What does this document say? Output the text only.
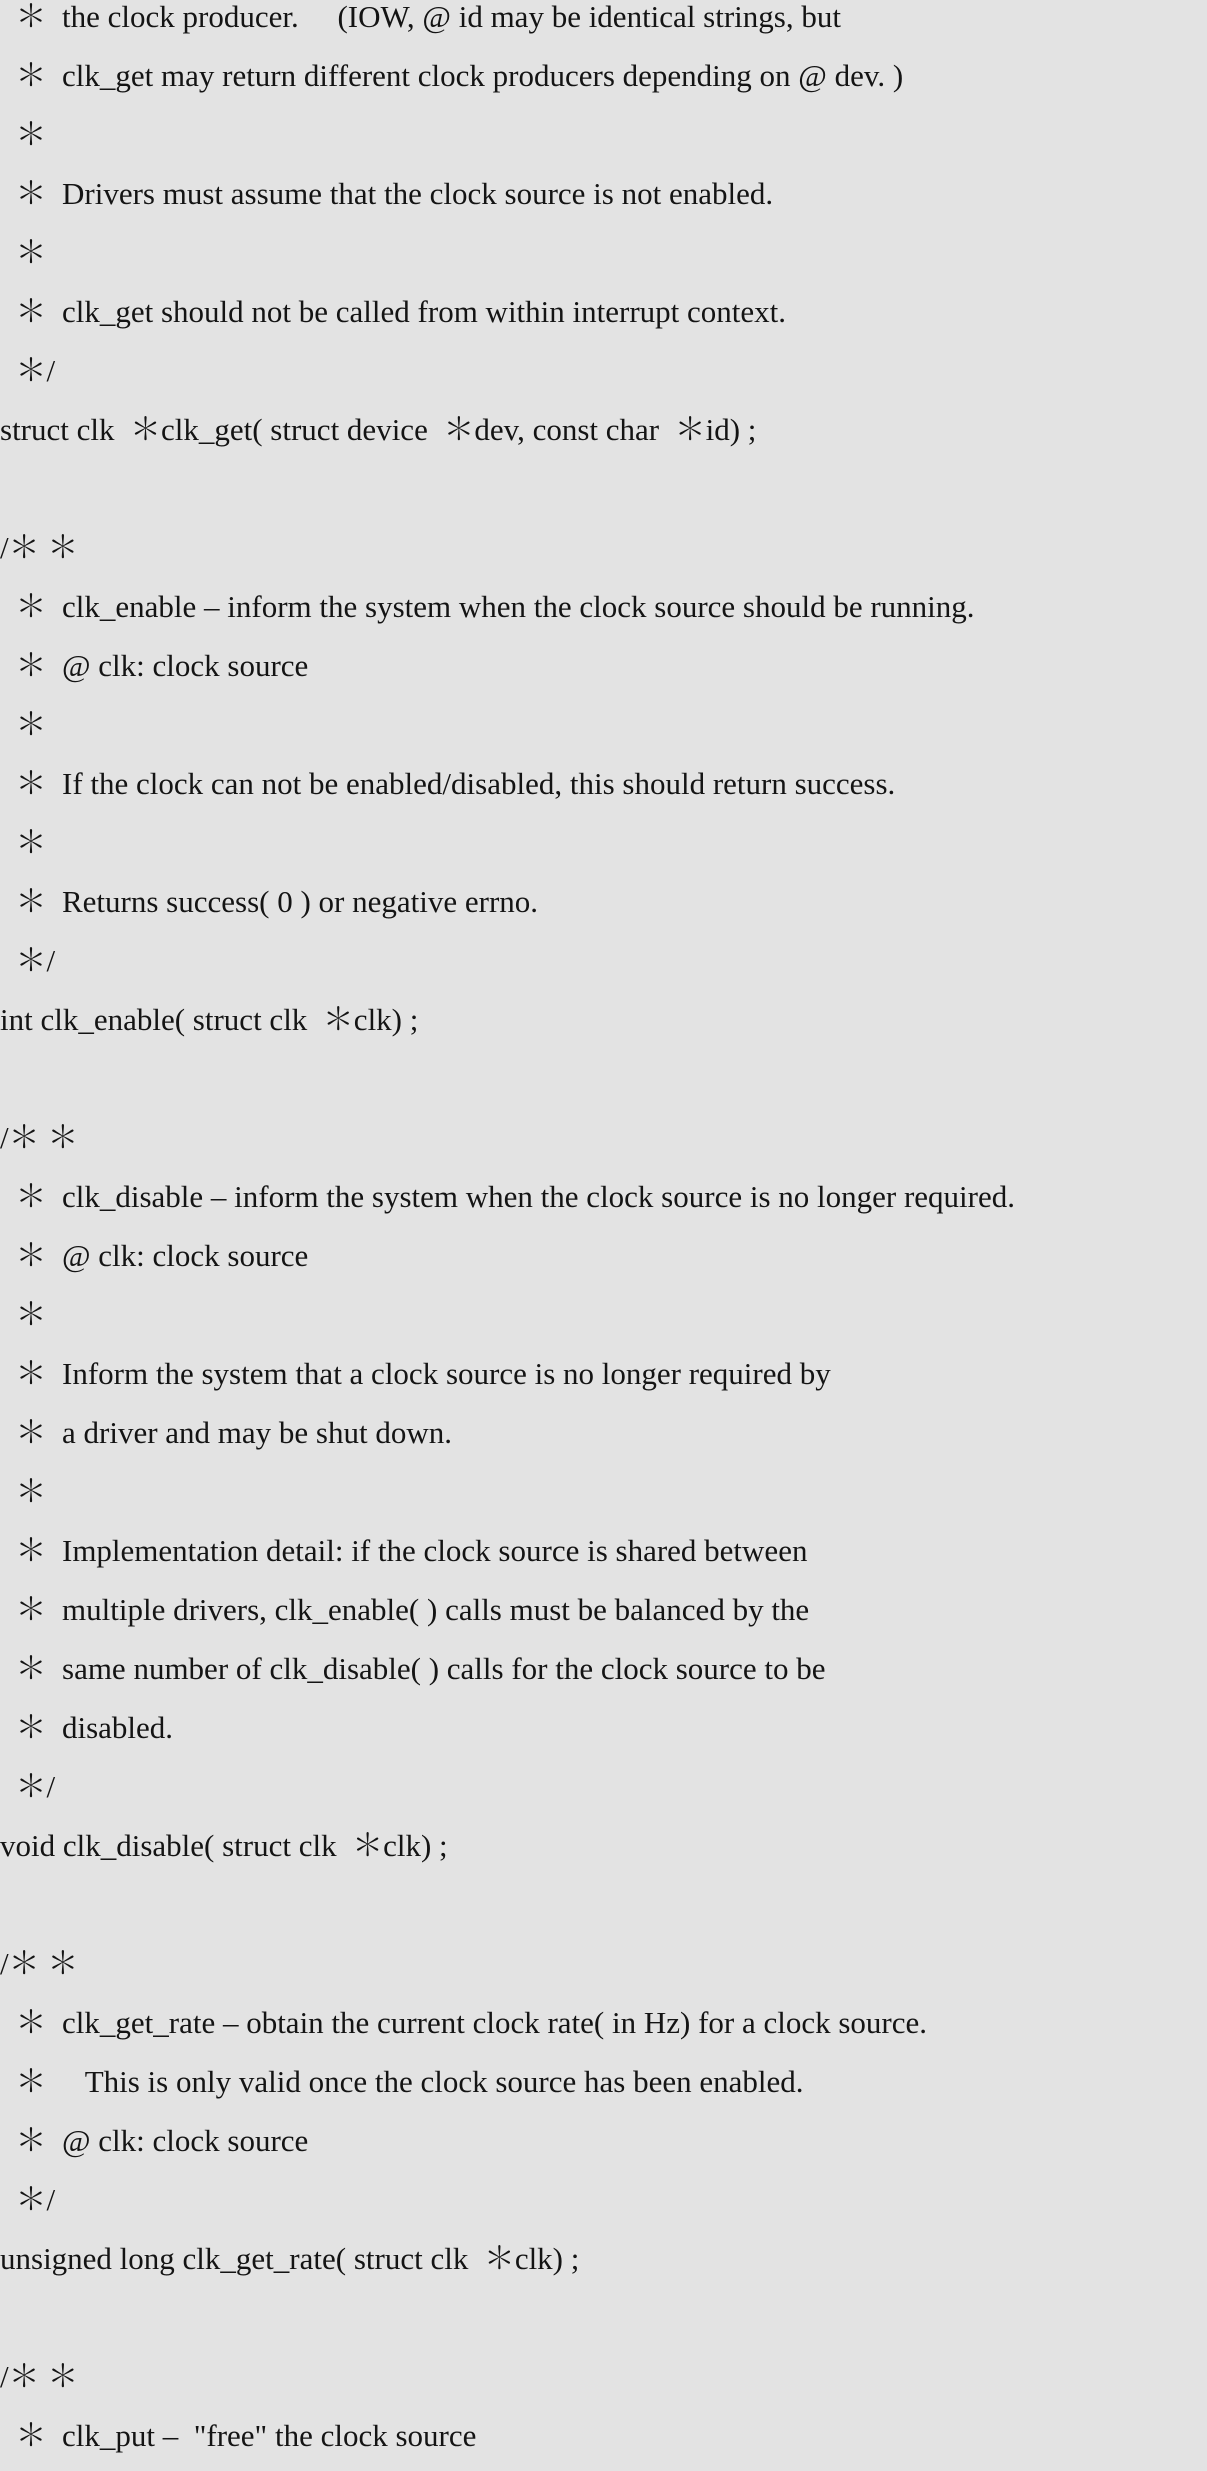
＊  the clock producer.     (IOW, @ id may be identical strings, but
＊  clk_get may return different clock producers depending on @ dev. )
＊
＊  Drivers must assume that the clock source is not enabled.
＊
＊  clk_get should not be called from within interrupt context.
＊/
struct clk  ＊clk_get( struct device  ＊dev, const char  ＊id) ;
/＊ ＊
＊  clk_enable – inform the system when the clock source should be running.
＊  @ clk: clock source
＊
＊  If the clock can not be enabled/disabled, this should return success.
＊
＊  Returns success( 0 ) or negative errno.
＊/
int clk_enable( struct clk  ＊clk) ;
/＊ ＊
＊  clk_disable – inform the system when the clock source is no longer required.
＊  @ clk: clock source
＊
＊  Inform the system that a clock source is no longer required by
＊  a driver and may be shut down.
＊
＊  Implementation detail: if the clock source is shared between
＊  multiple drivers, clk_enable( ) calls must be balanced by the
＊  same number of clk_disable( ) calls for the clock source to be
＊  disabled.
＊/
void clk_disable( struct clk  ＊clk) ;
/＊ ＊
＊  clk_get_rate – obtain the current clock rate( in Hz) for a clock source.
＊     This is only valid once the clock source has been enabled.
＊  @ clk: clock source
＊/
unsigned long clk_get_rate( struct clk  ＊clk) ;
/＊ ＊
＊  clk_put –  "free" the clock source
